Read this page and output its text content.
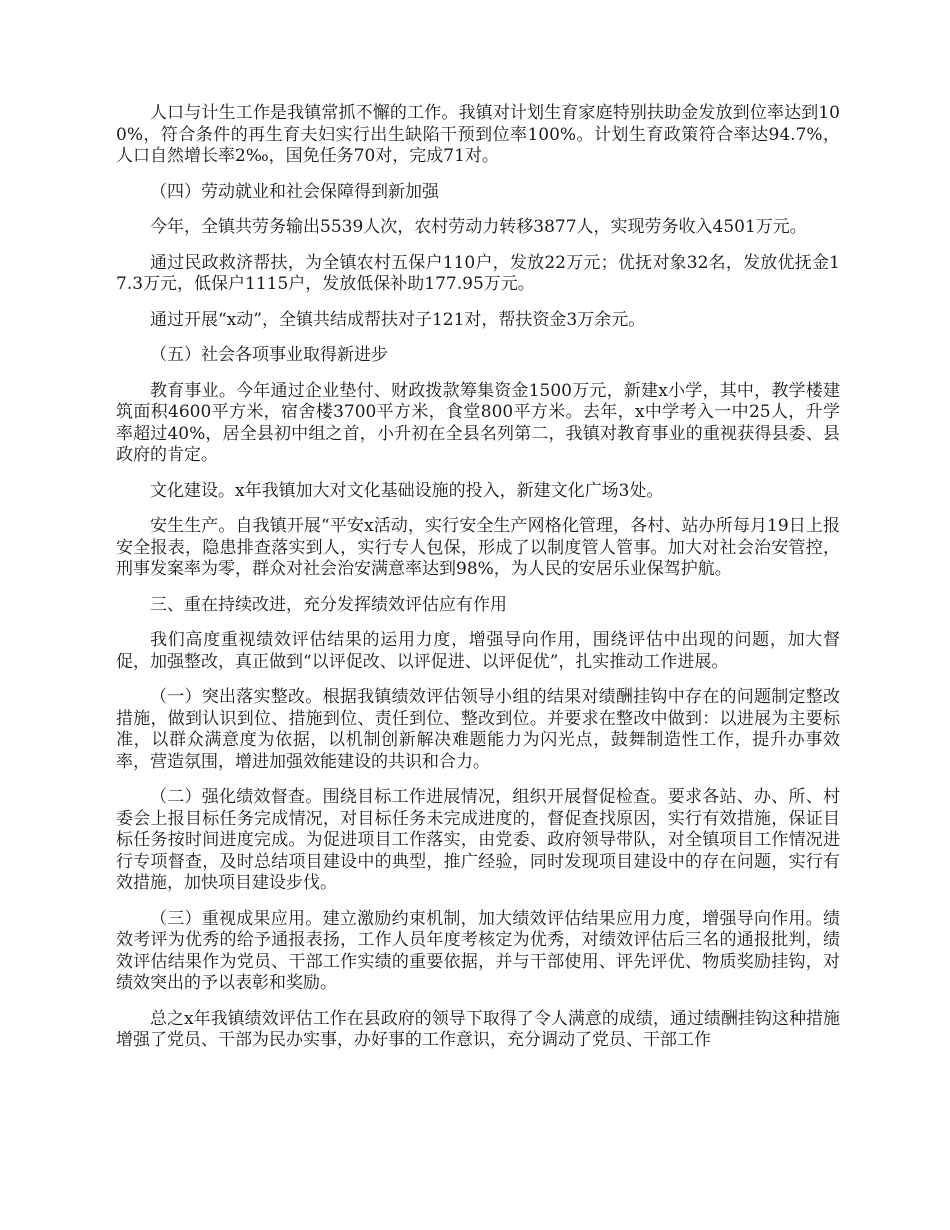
人口与计生工作是我镇常抓不懈的工作。我镇对计划生育家庭特别扶助金发放到位率达到100%，符合条件的再生育夫妇实行出生缺陷干预到位率100%。计划生育政策符合率达94.7%，人口自然增长率2‰，国免任务70对，完成71对。

（四）劳动就业和社会保障得到新加强

今年，全镇共劳务输出5539人次，农村劳动力转移3877人，实现劳务收入4501万元。

通过民政救济帮扶，为全镇农村五保户110户，发放22万元；优抚对象32名，发放优抚金17.3万元，低保户1115户，发放低保补助177.95万元。

通过开展“x动”，全镇共结成帮扶对子121对，帮扶资金3万余元。

（五）社会各项事业取得新进步

教育事业。今年通过企业垫付、财政拨款筹集资金1500万元，新建x小学，其中，教学楼建筑面积4600平方米，宿舍楼3700平方米，食堂800平方米。去年，x中学考入一中25人，升学率超过40%，居全县初中组之首，小升初在全县名列第二，我镇对教育事业的重视获得县委、县政府的肯定。

文化建设。x年我镇加大对文化基础设施的投入，新建文化广场3处。

安生生产。自我镇开展“平安x活动，实行安全生产网格化管理，各村、站办所每月19日上报安全报表，隐患排查落实到人，实行专人包保，形成了以制度管人管事。加大对社会治安管控，刑事发案率为零，群众对社会治安满意率达到98%，为人民的安居乐业保驾护航。

三、重在持续改进，充分发挥绩效评估应有作用

我们高度重视绩效评估结果的运用力度，增强导向作用，围绕评估中出现的问题，加大督促，加强整改，真正做到“以评促改、以评促进、以评促优”，扎实推动工作进展。

（一）突出落实整改。根据我镇绩效评估领导小组的结果对绩酬挂钩中存在的问题制定整改措施，做到认识到位、措施到位、责任到位、整改到位。并要求在整改中做到：以进展为主要标准，以群众满意度为依据，以机制创新解决难题能力为闪光点，鼓舞制造性工作，提升办事效率，营造氛围，增进加强效能建设的共识和合力。

（二）强化绩效督查。围绕目标工作进展情况，组织开展督促检查。要求各站、办、所、村委会上报目标任务完成情况，对目标任务未完成进度的，督促查找原因，实行有效措施，保证目标任务按时间进度完成。为促进项目工作落实，由党委、政府领导带队，对全镇项目工作情况进行专项督查，及时总结项目建设中的典型，推广经验，同时发现项目建设中的存在问题，实行有效措施，加快项目建设步伐。

（三）重视成果应用。建立激励约束机制，加大绩效评估结果应用力度，增强导向作用。绩效考评为优秀的给予通报表扬，工作人员年度考核定为优秀，对绩效评估后三名的通报批判，绩效评估结果作为党员、干部工作实绩的重要依据，并与干部使用、评先评优、物质奖励挂钩，对绩效突出的予以表彰和奖励。

总之x年我镇绩效评估工作在县政府的领导下取得了令人满意的成绩，通过绩酬挂钩这种措施增强了党员、干部为民办实事，办好事的工作意识，充分调动了党员、干部工作
